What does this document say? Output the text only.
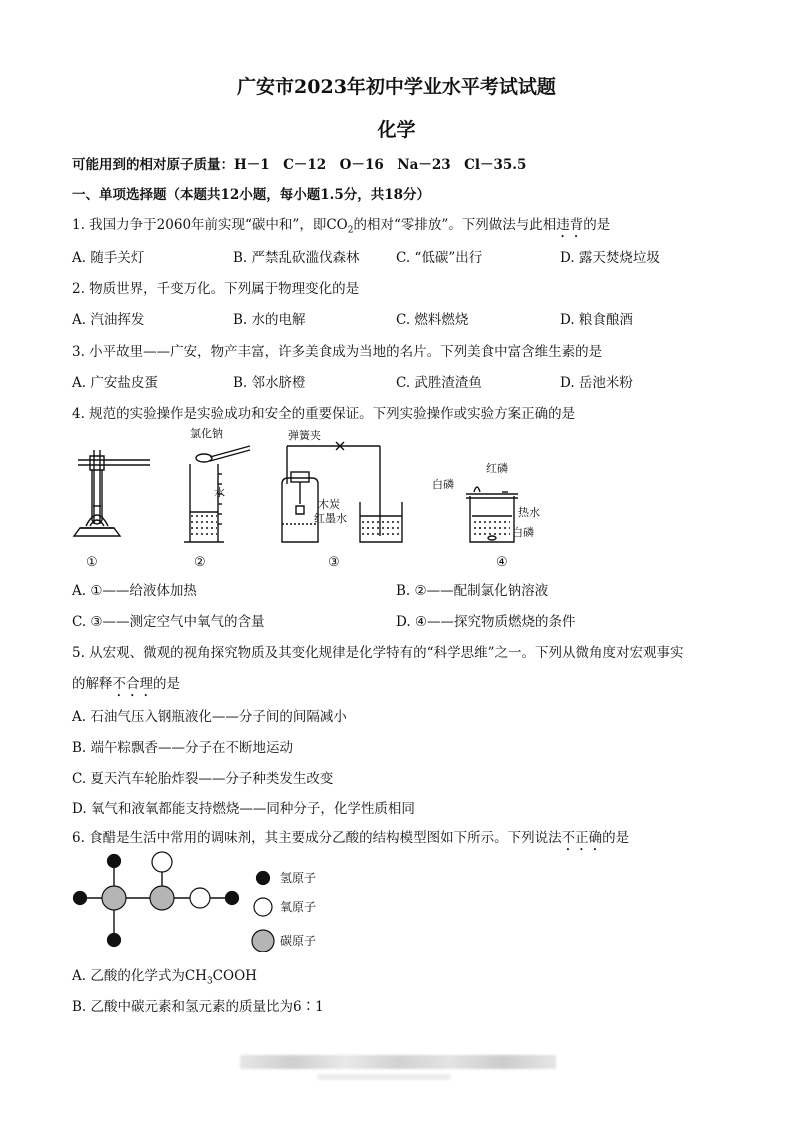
广安市2023年初中学业水平考试试题
化学
可能用到的相对原子质量：H－1　C－12　O－16　Na－23　Cl－35.5
一、单项选择题（本题共12小题，每小题1.5分，共18分）
1. 我国力争于2060年前实现“碳中和”，即$CO_2$的相对“零排放”。下列做法与此相违背的是
A. 随手关灯	B. 严禁乱砍滥伐森林	C. “低碳”出行	D. 露天焚烧垃圾
2. 物质世界，千变万化。下列属于物理变化的是
A. 汽油挥发	B. 水的电解	C. 燃料燃烧	D. 粮食酿酒
3. 小平故里——广安，物产丰富，许多美食成为当地的名片。下列美食中富含维生素的是
A. 广安盐皮蛋	B. 邻水脐橙	C. 武胜渣渣鱼	D. 岳池米粉
4. 规范的实验操作是实验成功和安全的重要保证。下列实验操作或实验方案正确的是
氯化钠
水
弹簧夹
木炭
红墨水
红磷
白磷
热水
白磷
①	②	③	④
A. ①——给液体加热	B. ②——配制氯化钠溶液
C. ③——测定空气中氧气的含量	D. ④——探究物质燃烧的条件
5. 从宏观、微观的视角探究物质及其变化规律是化学特有的“科学思维”之一。下列从微角度对宏观事实
的解释不合理的是
A. 石油气压入钢瓶液化——分子间的间隔减小
B. 端午粽飘香——分子在不断地运动
C. 夏天汽车轮胎炸裂——分子种类发生改变
D. 氧气和液氧都能支持燃烧——同种分子，化学性质相同
6. 食醋是生活中常用的调味剂，其主要成分乙酸的结构模型图如下所示。下列说法不正确的是
氢原子
氧原子
碳原子
A. 乙酸的化学式为$CH_3COOH$
B. 乙酸中碳元素和氢元素的质量比为6∶1
